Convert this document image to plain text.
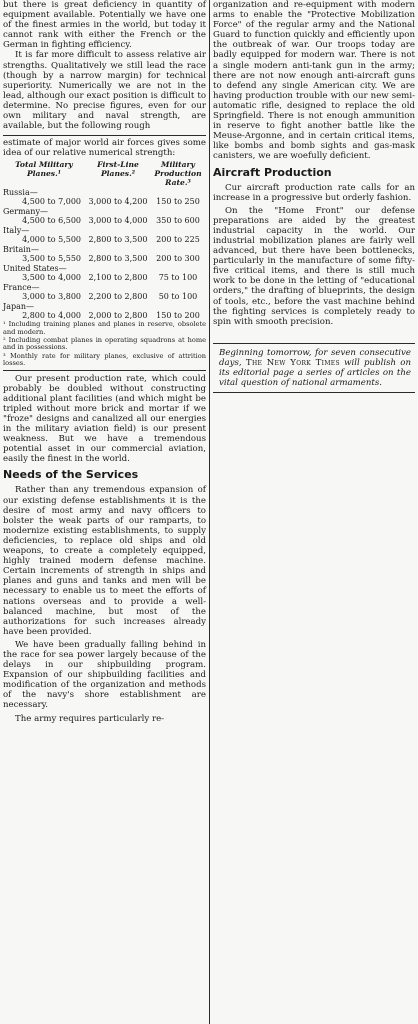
but there is great deficiency in quantity of equipment available. Potentially we have one of the finest armies in the world, but today it cannot rank with either the French or the German in fighting efficiency.

It is far more difficult to assess relative air strengths. Qualitatively we still lead the race (though by a narrow margin) for technical superiority. Numerically we are not in the lead, although our exact position is difficult to determine. No precise figures, even for our own military and naval strength, are available, but the following rough

estimate of major world air forces gives some idea of our relative numerical strength:

Total Military Planes.¹
First-Line Planes.²
Military Production Rate.³
Russia—
4,500 to 7,000 3,000 to 4,200	150 to 250
Germany—
4,500 to 6,500 3,000 to 4,000	350 to 600
Italy—
4,000 to 5,500 2,800 to 3,500	200 to 225
Britain—
3,500 to 5,550 2,800 to 3,500	200 to 300
United States—
3,500 to 4,000 2,100 to 2,800	75 to 100
France—
3,000 to 3,800 2,200 to 2,800	50 to 100
Japan—
2,800 to 4,000 2,000 to 2,800	150 to 200

¹ Including training planes and planes in reserve, obsolete and modern.

² Including combat planes in operating squadrons at home and in possessions.

³ Monthly rate for military planes, exclusive of attrition losses.

Our present production rate, which could probably be doubled without constructing additional plant facilities (and which might be tripled without more brick and mortar if we "froze" designs and canalized all our energies in the military aviation field) is our present weakness. But we have a tremendous potential asset in our commercial aviation, easily the finest in the world.

Needs of the Services

Rather than any tremendous expansion of our existing defense establishments it is the desire of most army and navy officers to bolster the weak parts of our ramparts, to modernize existing establishments, to supply deficiencies, to replace old ships and old weapons, to create a completely equipped, highly trained modern defense machine. Certain increments of strength in ships and planes and guns and tanks and men will be necessary to enable us to meet the efforts of nations overseas and to provide a well-balanced machine, but most of the authorizations for such increases already have been provided.

We have been gradually falling behind in the race for sea power largely because of the delays in our shipbuilding program. Expansion of our shipbuilding facilities and modification of the organization and methods of the navy's shore establishment are necessary.

The army requires particularly re-

organization and re-equipment with modern arms to enable the "Protective Mobilization Force" of the regular army and the National Guard to function quickly and efficiently upon the outbreak of war. Our troops today are badly equipped for modern war. There is not a single modern anti-tank gun in the army; there are not now enough anti-aircraft guns to defend any single American city. We are having production trouble with our new semi-automatic rifle, designed to replace the old Springfield. There is not enough ammunition in reserve to fight another battle like the Meuse-Argonne, and in certain critical items, like bombs and bomb sights and gas-mask canisters, we are woefully deficient.

Aircraft Production

Cur aircraft production rate calls for an increase in a progressive but orderly fashion.

On the "Home Front" our defense preparations are aided by the greatest industrial capacity in the world. Our industrial mobilization planes are fairly well advanced, but there have been bottlenecks, particularly in the manufacture of some fifty-five critical items, and there is still much work to be done in the letting of "educational orders," the drafting of blueprints, the design of tools, etc., before the vast machine behind the fighting services is completely ready to spin with smooth precision.

Beginning tomorrow, for seven consecutive days, The New York Times will publish on its editorial page a series of articles on the vital question of national armaments.
